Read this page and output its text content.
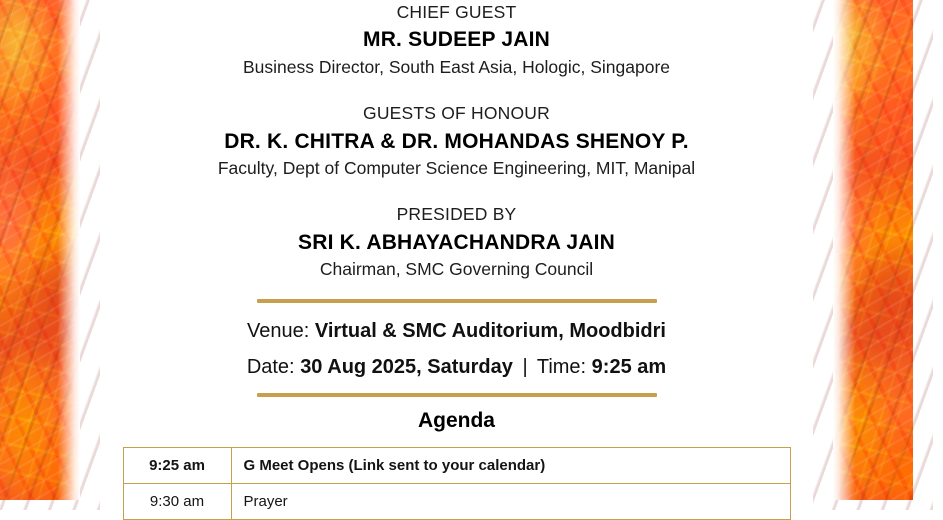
CHIEF GUEST
MR. SUDEEP JAIN
Business Director, South East Asia, Hologic, Singapore
GUESTS OF HONOUR
DR. K. CHITRA & DR. MOHANDAS SHENOY P.
Faculty, Dept of Computer Science Engineering, MIT, Manipal
PRESIDED BY
SRI K. ABHAYACHANDRA JAIN
Chairman, SMC Governing Council
Venue: Virtual & SMC Auditorium, Moodbidri
Date: 30 Aug 2025, Saturday | Time: 9:25 am
Agenda
9:25 am	G Meet Opens (Link sent to your calendar)
9:30 am	Prayer
